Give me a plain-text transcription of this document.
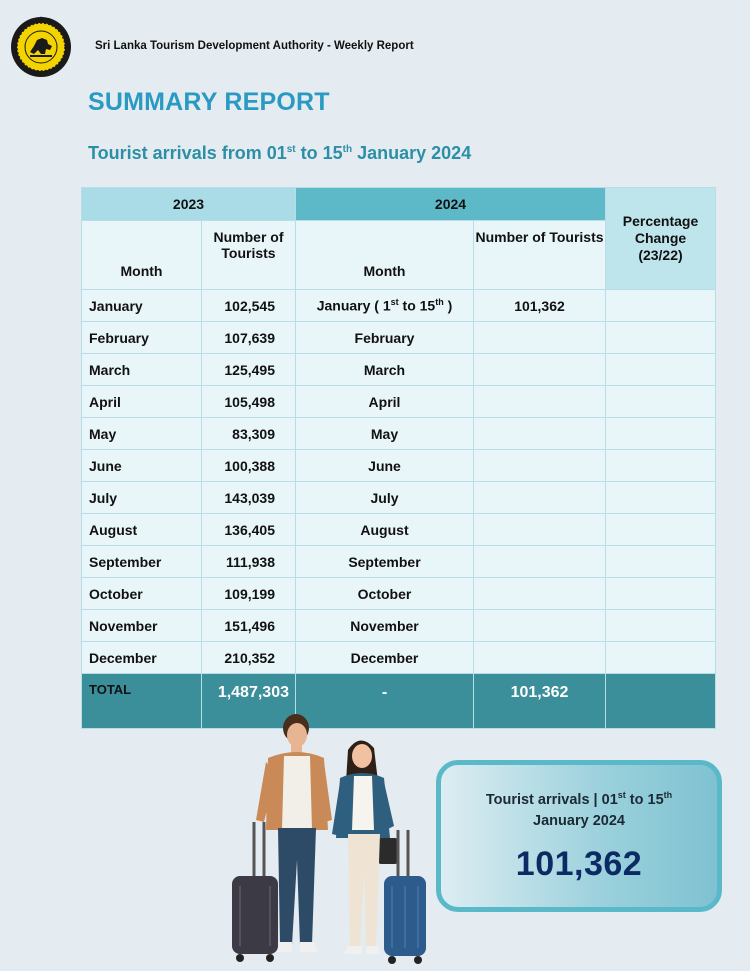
Sri Lanka Tourism Development Authority - Weekly Report
SUMMARY REPORT
Tourist arrivals from 01st to 15th January 2024
2023		2024		Percentage
Change
(23/22)

Month	Number of Tourists	Month	Number of Tourists	
January	102,545	January ( 1st to 15th )	101,362	
February	107,639	February		
March	125,495	March		
April	105,498	April		
May	83,309	May		
June	100,388	June		
July	143,039	July		
August	136,405	August		
September	111,938	September		
October	109,199	October		
November	151,496	November		
December	210,352	December		
TOTAL	1,487,303	-	101,362	
Tourist arrivals | 01st to 15th
January 2024
101,362
